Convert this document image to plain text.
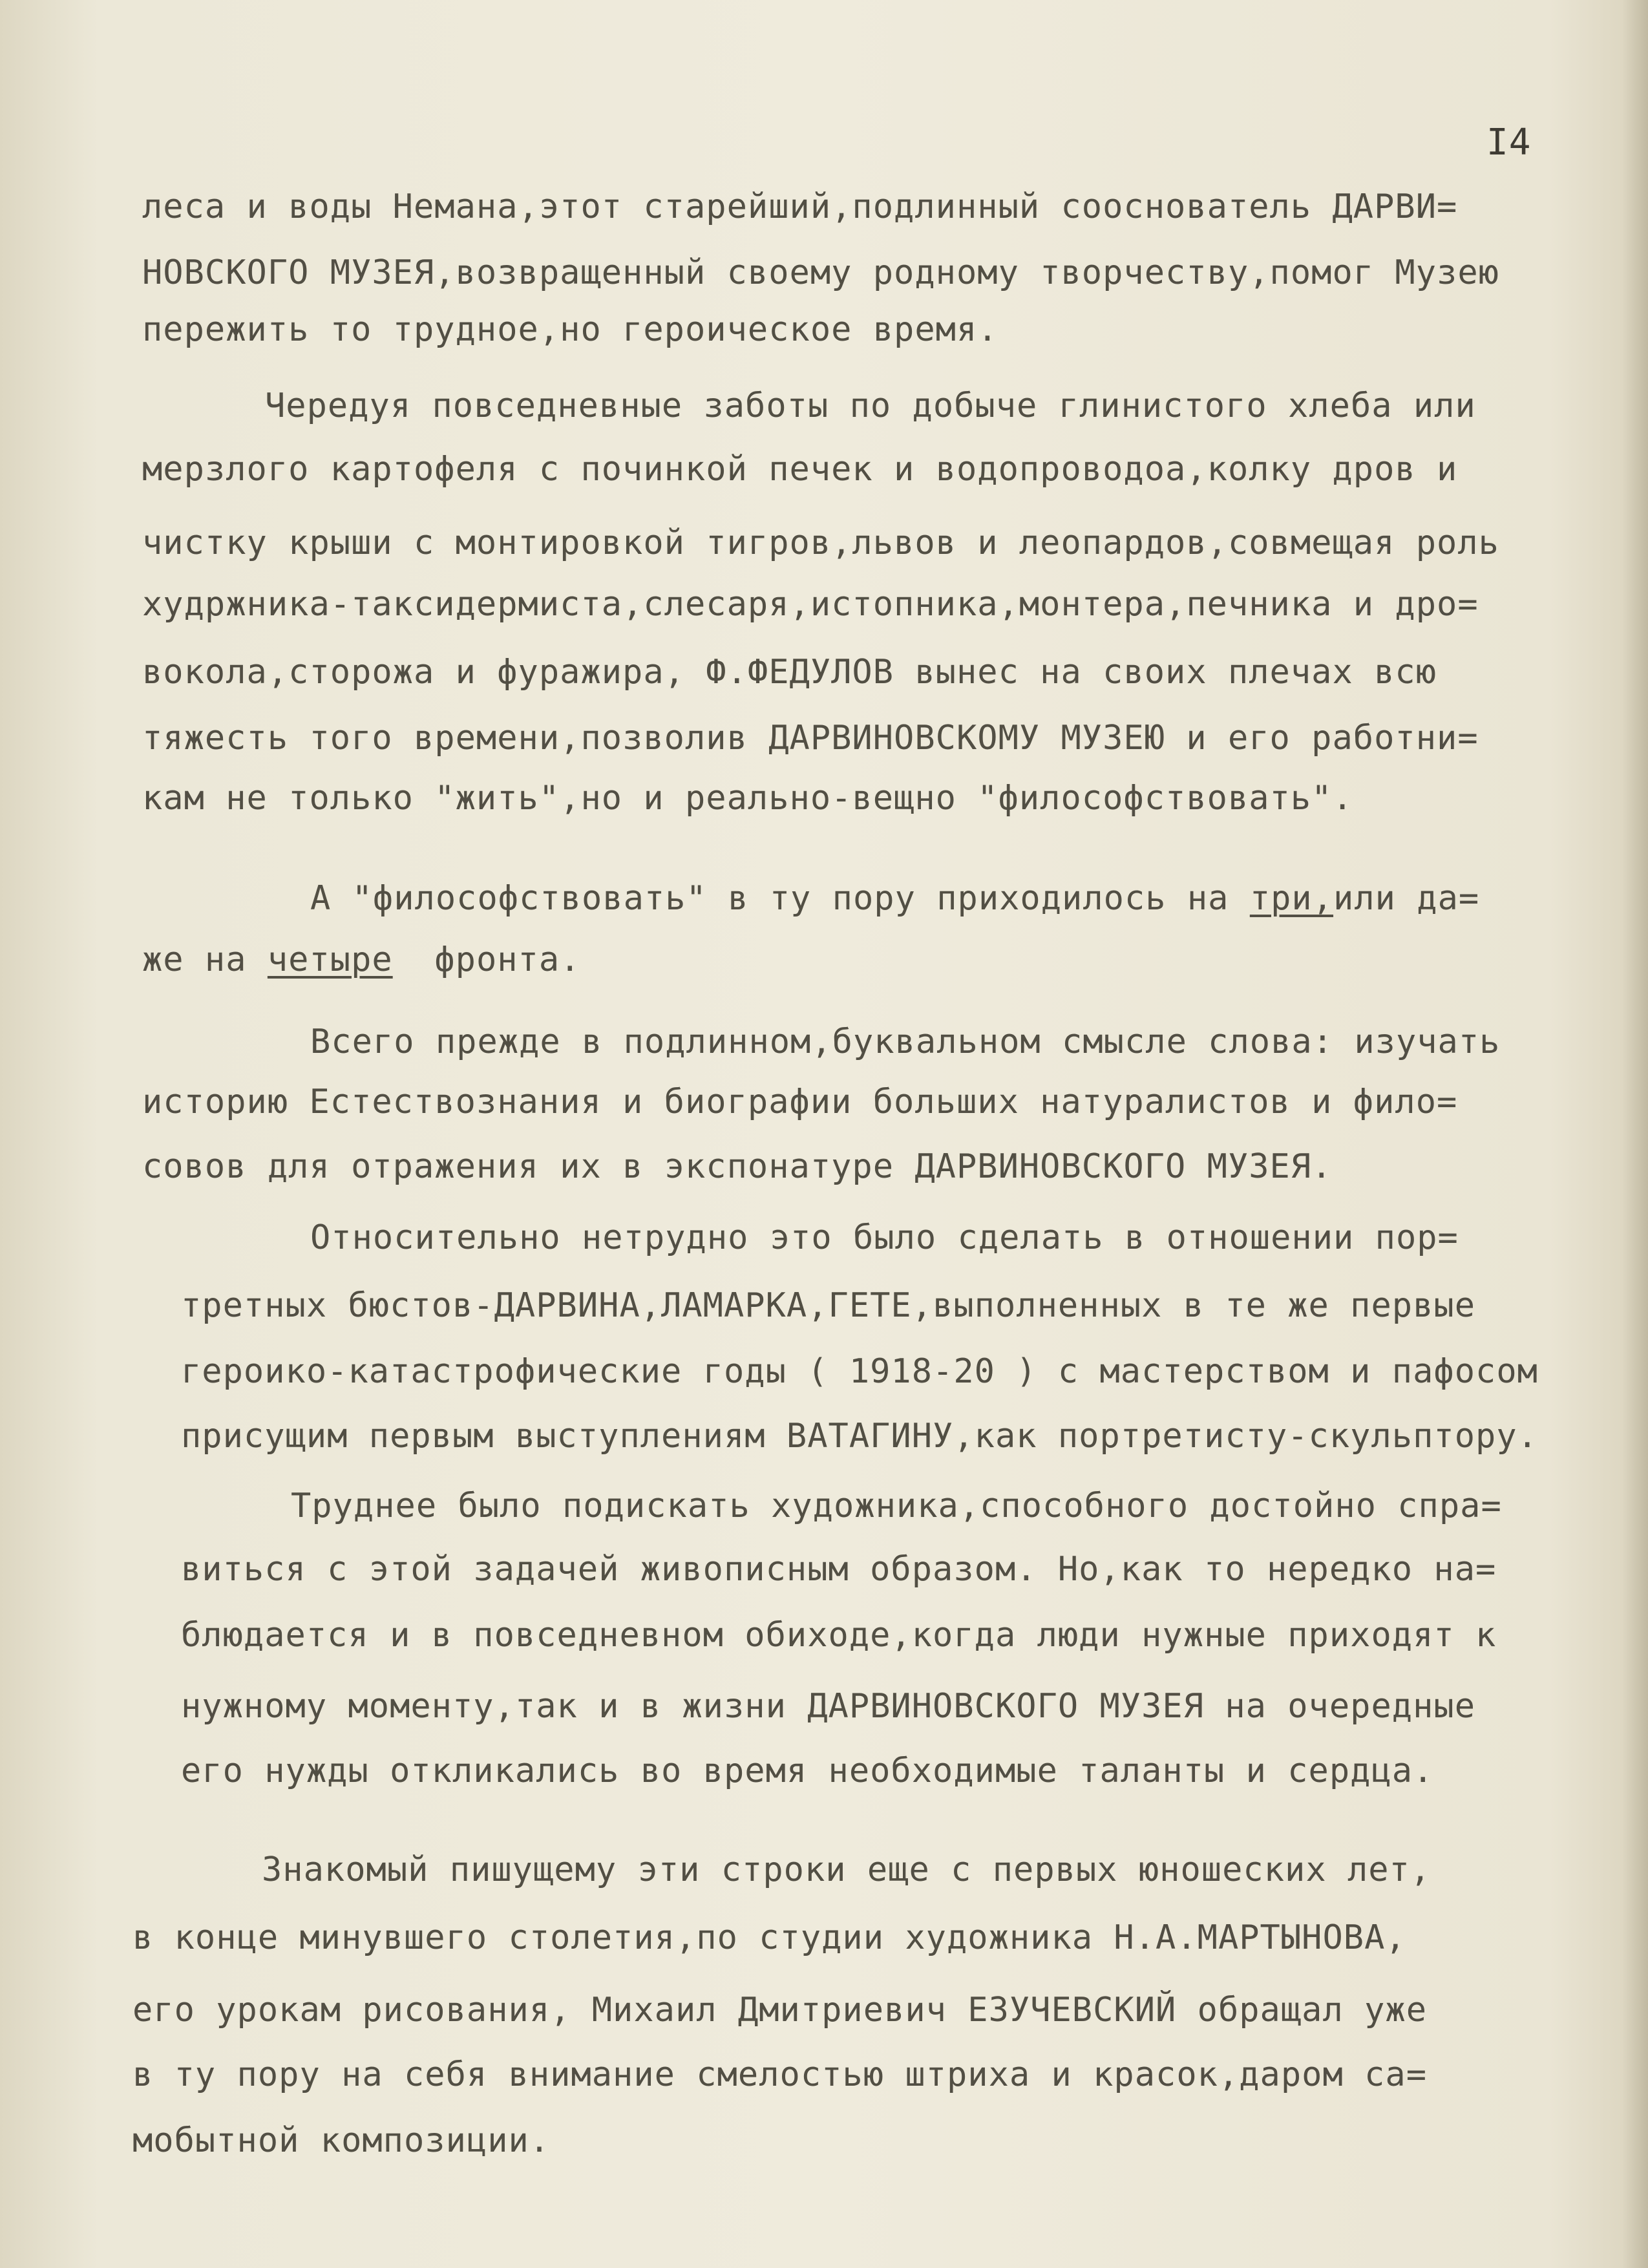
I4
леса и воды Немана,этот старейший,подлинный сооснователь ДАРВИ=
НОВСКОГО МУЗЕЯ,возвращенный своему родному творчеству,помог Музею
пережить то трудное,но героическое время.
Чередуя повседневные заботы по добыче глинистого хлеба или
мерзлого картофеля с починкой печек и водопроводоа,колку дров и
чистку крыши с монтировкой тигров,львов и леопардов,совмещая роль
худржника-таксидермиста,слесаря,истопника,монтера,печника и дро=
вокола,сторожа и фуражира, Ф.ФЕДУЛОВ вынес на своих плечах всю
тяжесть того времени,позволив ДАРВИНОВСКОМУ МУЗЕЮ и его работни=
кам не только "жить",но и реально-вещно "философствовать".
А "философствовать" в ту пору приходилось на три,или да=
же на четыре фронта.
Всего прежде в подлинном,буквальном смысле слова: изучать
историю Естествознания и биографии больших натуралистов и фило=
совов для отражения их в экспонатуре ДАРВИНОВСКОГО МУЗЕЯ.
Относительно нетрудно это было сделать в отношении пор=
третных бюстов-ДАРВИНА,ЛАМАРКА,ГЕТЕ,выполненных в те же первые
героико-катастрофические годы ( 1918-20 ) с мастерством и пафосом
присущим первым выступлениям ВАТАГИНУ,как портретисту-скульптору.
Труднее было подискать художника,способного достойно спра=
виться с этой задачей живописным образом. Но,как то нередко на=
блюдается и в повседневном обиходе,когда люди нужные приходят к
нужному моменту,так и в жизни ДАРВИНОВСКОГО МУЗЕЯ на очередные
его нужды откликались во время необходимые таланты и сердца.
Знакомый пишущему эти строки еще с первых юношеских лет,
в конце минувшего столетия,по студии художника Н.А.МАРТЫНОВА,
его урокам рисования, Михаил Дмитриевич ЕЗУЧЕВСКИЙ обращал уже
в ту пору на себя внимание смелостью штриха и красок,даром са=
мобытной композиции.
